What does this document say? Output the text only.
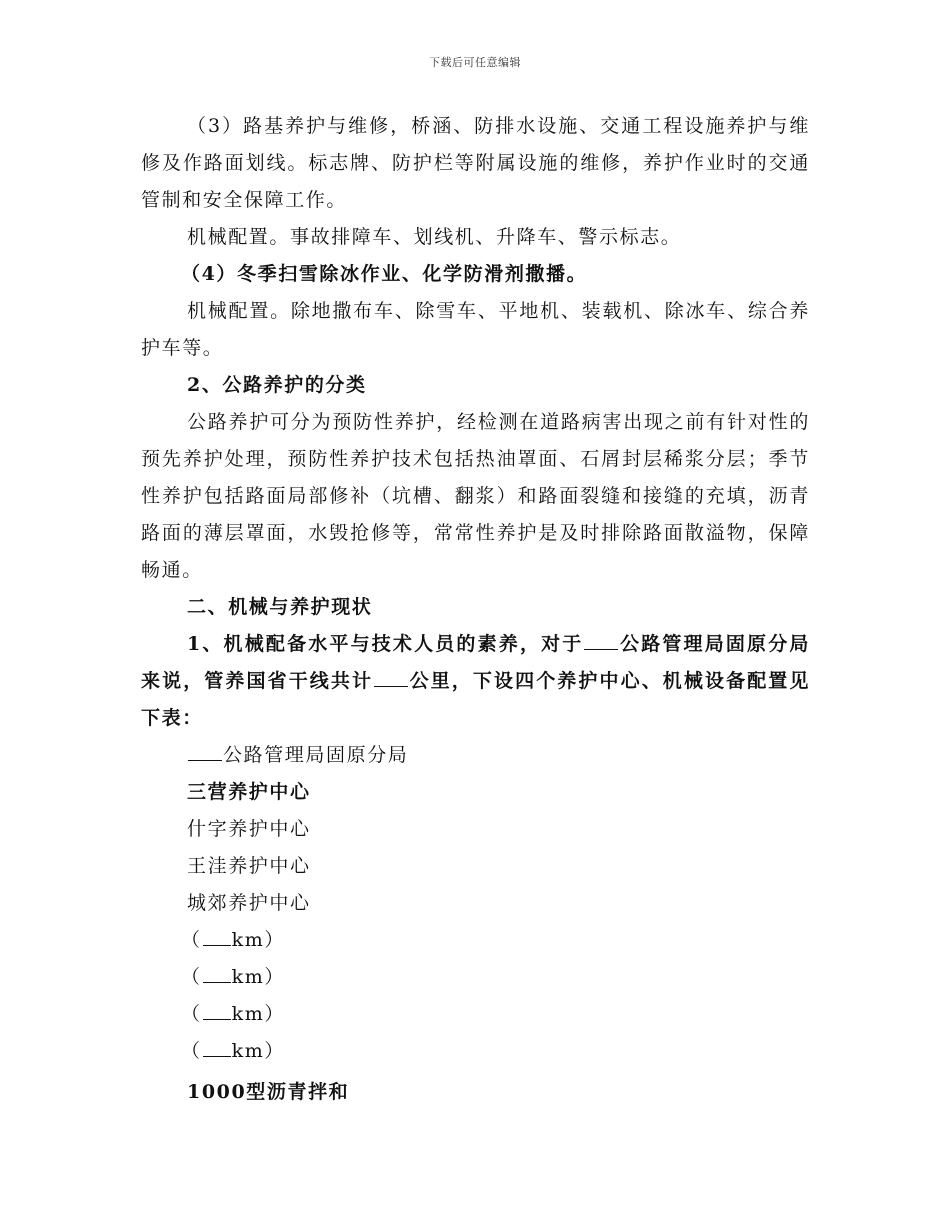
下载后可任意编辑

（3）路基养护与维修，桥涵、防排水设施、交通工程设施养护与维修及作路面划线。标志牌、防护栏等附属设施的维修，养护作业时的交通管制和安全保障工作。

机械配置。事故排障车、划线机、升降车、警示标志。

（4）冬季扫雪除冰作业、化学防滑剂撒播。

机械配置。除地撒布车、除雪车、平地机、装载机、除冰车、综合养护车等。

2、公路养护的分类

公路养护可分为预防性养护，经检测在道路病害出现之前有针对性的预先养护处理，预防性养护技术包括热油罩面、石屑封层稀浆分层；季节性养护包括路面局部修补（坑槽、翻浆）和路面裂缝和接缝的充填，沥青路面的薄层罩面，水毁抢修等，常常性养护是及时排除路面散溢物，保障畅通。

二、机械与养护现状

1、机械配备水平与技术人员的素养，对于 公路管理局固原分局来说，管养国省干线共计 公里，下设四个养护中心、机械设备配置见下表：

公路管理局固原分局

三营养护中心

什字养护中心

王洼养护中心

城郊养护中心

（ km）

（ km）

（ km）

（ km）

1000型沥青拌和
